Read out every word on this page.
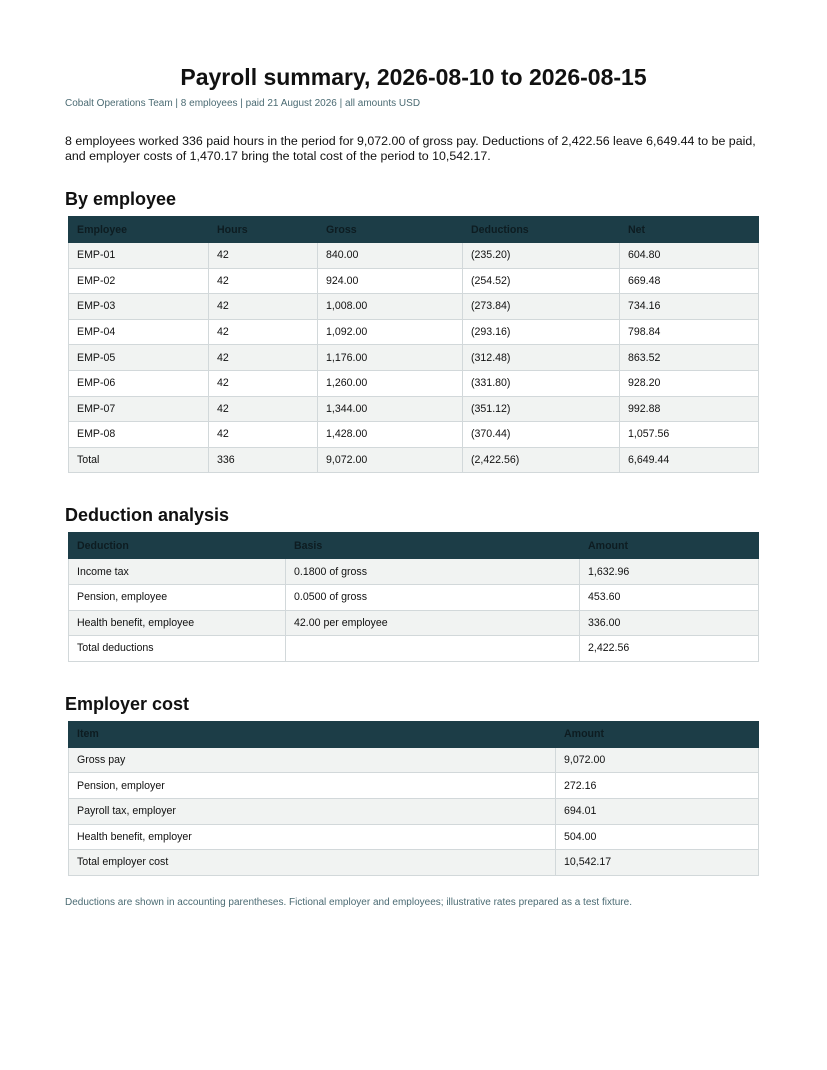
Payroll summary, 2026-08-10 to 2026-08-15
Cobalt Operations Team | 8 employees | paid 21 August 2026 | all amounts USD

8 employees worked 336 paid hours in the period for 9,072.00 of gross pay. Deductions of 2,422.56 leave 6,649.44 to be paid, and employer costs of 1,470.17 bring the total cost of the period to 10,542.17.

By employee
Employee	Hours	Gross	Deductions	Net
EMP-01	42	840.00	(235.20)	604.80
EMP-02	42	924.00	(254.52)	669.48
EMP-03	42	1,008.00	(273.84)	734.16
EMP-04	42	1,092.00	(293.16)	798.84
EMP-05	42	1,176.00	(312.48)	863.52
EMP-06	42	1,260.00	(331.80)	928.20
EMP-07	42	1,344.00	(351.12)	992.88
EMP-08	42	1,428.00	(370.44)	1,057.56
Total	336	9,072.00	(2,422.56)	6,649.44
Deduction analysis
Deduction	Basis	Amount
Income tax	0.1800 of gross	1,632.96
Pension, employee	0.0500 of gross	453.60
Health benefit, employee	42.00 per employee	336.00
Total deductions		2,422.56
Employer cost
Item	Amount
Gross pay	9,072.00
Pension, employer	272.16
Payroll tax, employer	694.01
Health benefit, employer	504.00
Total employer cost	10,542.17
Deductions are shown in accounting parentheses. Fictional employer and employees; illustrative rates prepared as a test fixture.
